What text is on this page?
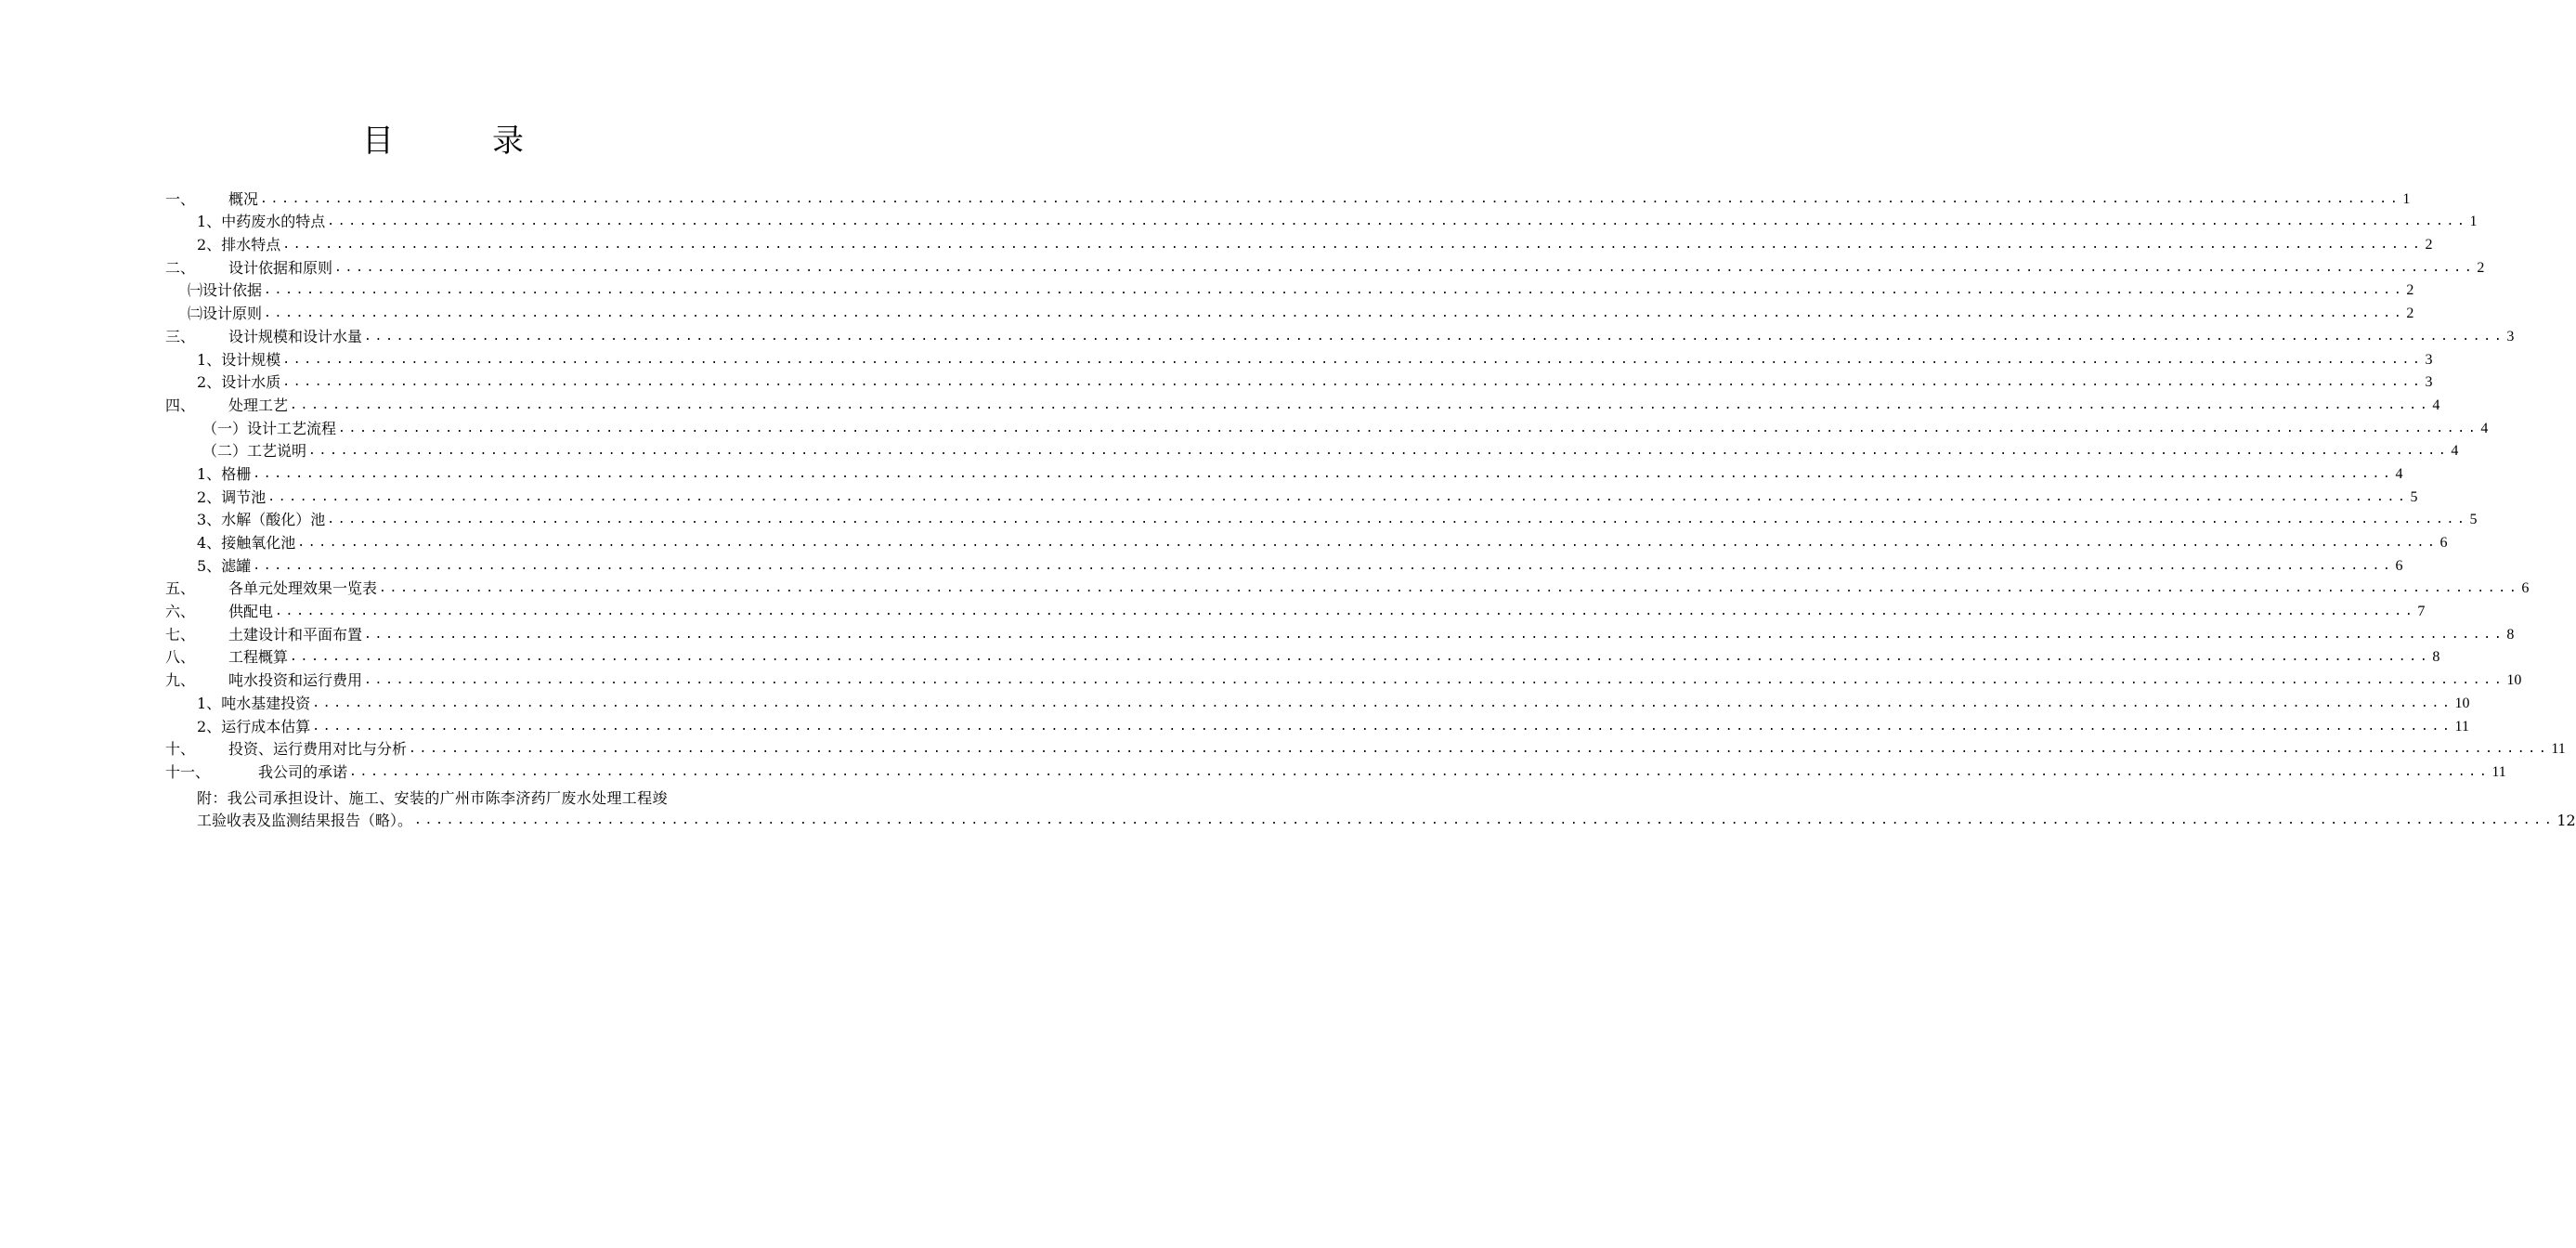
目　录
一、	概况 ........................................................................................................................................................................................................ 1
1、 中药废水的特点 ........................................................................................................................................................................................................ 1
2、 排水特点 ........................................................................................................................................................................................................ 2
二、	设计依据和原则 ........................................................................................................................................................................................................ 2
㈠ 设计依据 ........................................................................................................................................................................................................ 2
㈡ 设计原则 ........................................................................................................................................................................................................ 2
三、	设计规模和设计水量 ........................................................................................................................................................................................................ 3
1、 设计规模 ........................................................................................................................................................................................................ 3
2、 设计水质 ........................................................................................................................................................................................................ 3
四、	处理工艺 ........................................................................................................................................................................................................ 4
（一） 设计工艺流程 ........................................................................................................................................................................................................ 4
（二） 工艺说明 ........................................................................................................................................................................................................ 4
1、 格栅 ........................................................................................................................................................................................................ 4
2、 调节池 ........................................................................................................................................................................................................ 5
3、 水解（酸化）池 ........................................................................................................................................................................................................ 5
4、 接触氧化池 ........................................................................................................................................................................................................ 6
5、 滤罐 ........................................................................................................................................................................................................ 6
五、	各单元处理效果一览表 ........................................................................................................................................................................................................ 6
六、	供配电 ........................................................................................................................................................................................................ 7
七、	土建设计和平面布置 ........................................................................................................................................................................................................ 8
八、	工程概算 ........................................................................................................................................................................................................ 8
九、	吨水投资和运行费用 ........................................................................................................................................................................................................ 10
1、 吨水基建投资 ........................................................................................................................................................................................................ 10
2、 运行成本估算 ........................................................................................................................................................................................................ 11
十、	投资、运行费用对比与分析 ........................................................................................................................................................................................................ 11
十一、	我公司的承诺 ........................................................................................................................................................................................................ 11
附：我公司承担设计、施工、安装的广州市陈李济药厂废水处理工程竣
工验收表及监测结果报告（略）。 ........................................................................................................................................................................................................ 12
